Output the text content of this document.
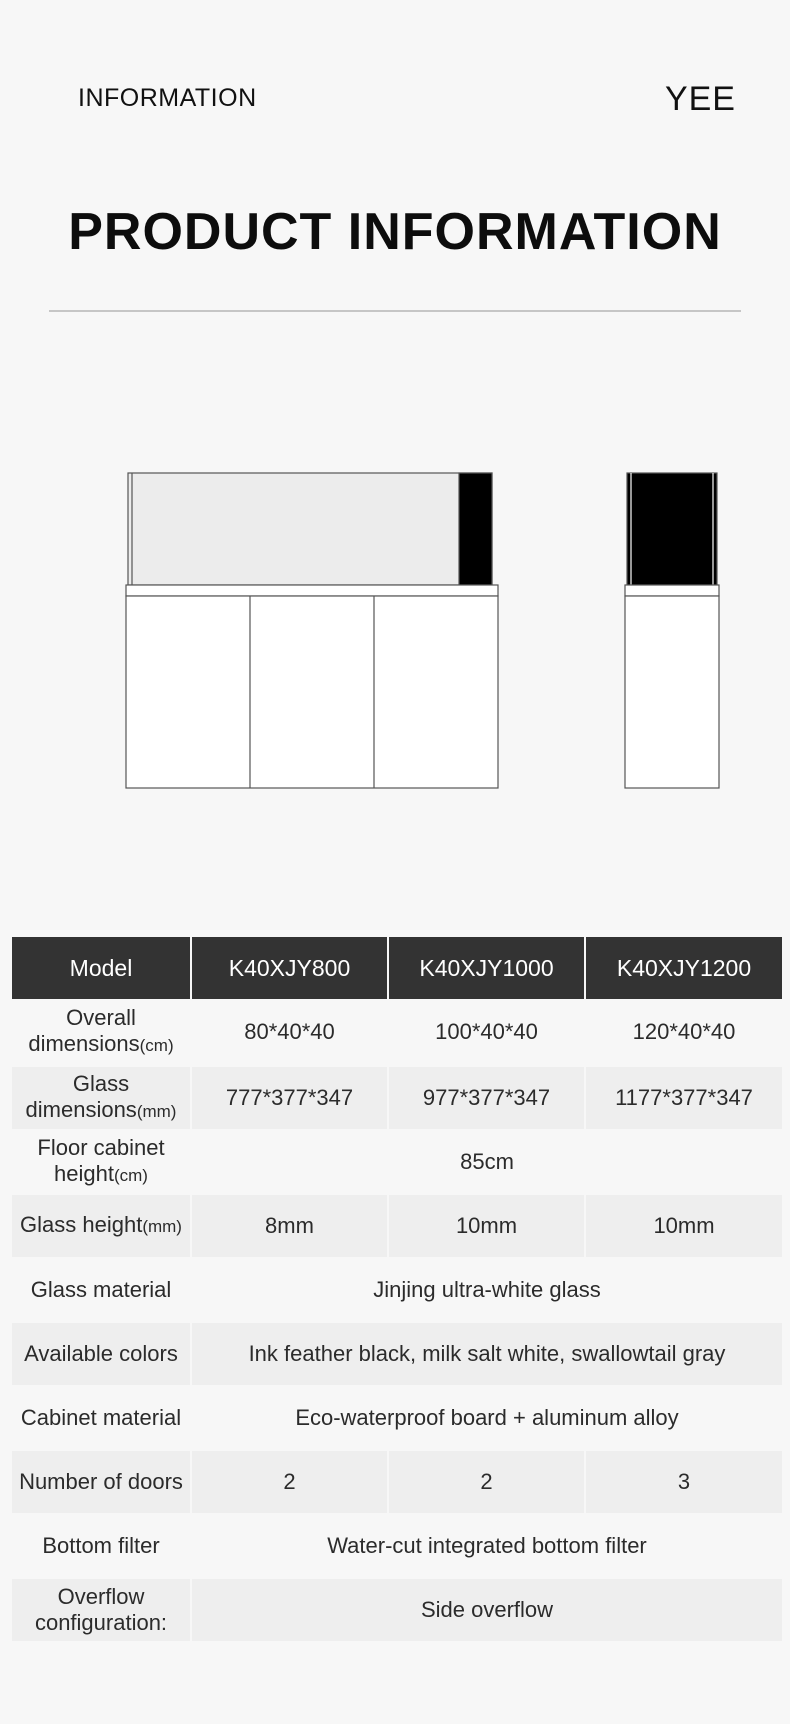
INFORMATION	YEE
PRODUCT INFORMATION
Model	K40XJY800	K40XJY1000	K40XJY1200
Overall dimensions(cm)	80*40*40	100*40*40	120*40*40

Glass dimensions(mm)	777*377*347	977*377*347	1177*377*347

Floor cabinet height(cm)	85cm		

Glass height(mm)	8mm	10mm	10mm

Glass material	Jinjing ultra-white glass		

Available colors	Ink feather black, milk salt white, swallowtail gray		

Cabinet material	Eco-waterproof board + aluminum alloy		

Number of doors	2	2	3

Bottom filter	Water-cut integrated bottom filter		

Overflow configuration:	Side overflow		
